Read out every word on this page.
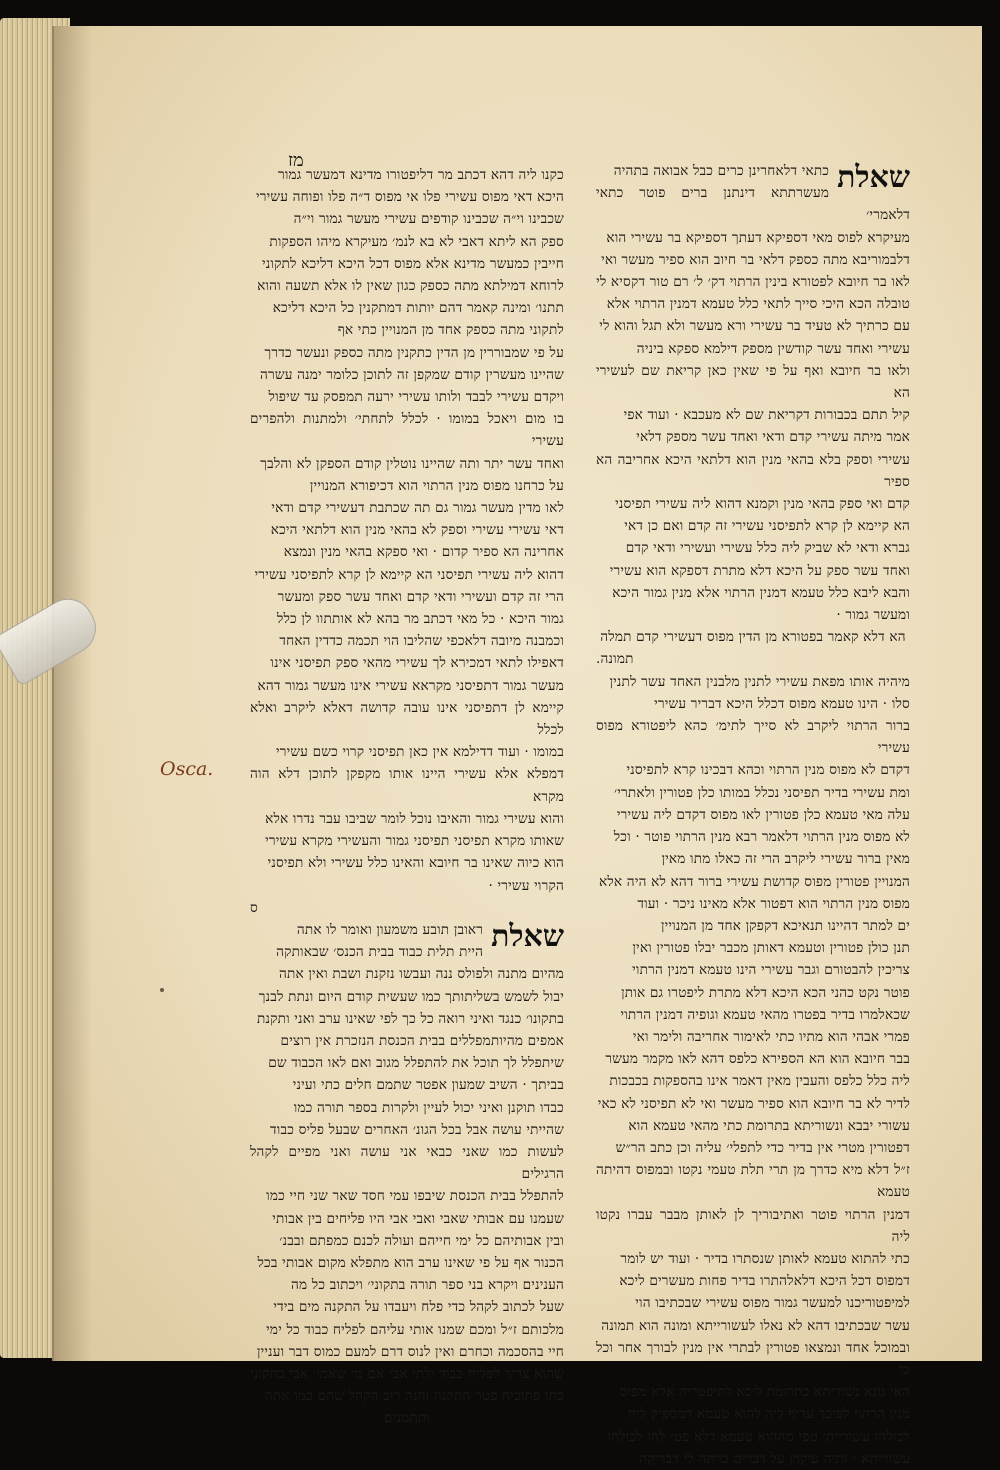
מז	שאלת

כתאי דלאחרינן כרים כבל אבואה בתהיה

מעשרתתא דינתנן ברים פוטר כתאי דלאמרי׳

מעיקרא לפוס מאי דספיקא דעתך דספיקא בר עשירי הוא

דלבמוריבא מתה כספק דלאי בר חיוב הוא ספיר מעשר ואי

לאו בר חיובא לפטורא בינין הרתוי דק׳ ל׳ רם טור דקסיא לי

טובלה הכא היכי סייך לתאי כלל טעמא דמנין הרתוי אלא

עם כרתיך לא טעיד בר עשירי ורא מעשר ולא תגל והוא לי

עשירי ואחד עשר קודשין מספק דילמא ספקא ביניה

ולאו בר חיובא ואף על פי שאין כאן קריאת שם לעשירי הא

קיל תתם בכבורות דקריאת שם לא מעכבא · ועוד אפי

אמר מיתה עשירי קדם ודאי ואחד עשר מספק דלאי

עשירי וספק בלא בהאי מנין הוא דלתאי היכא אחריבה הא ספיר

קדם ואי ספק בהאי מנין וקמנא דהוא ליה עשירי תפיסני

הא קיימא לן קרא לתפיסני עשירי זה קדם ואם כן דאי

גברא ודאי לא שביק ליה כלל עשירי ועשירי ודאי קדם

ואחד עשר ספק על היכא דלא מתרת דספקא הוא עשירי

והבא ליבא כלל טעמא דמנין הרתוי אלא מנין גמור היכא

ומעשר גמור ·

הא דלא קאמר בפטורא מן הדין מפוס דעשירי קדם תמלה

תמונה.

מיהיה אותו מפאת עשירי לתנין מלבנין האחד עשר לתנין

סלו · הינו טעמא מפוס דכלל היכא דבריר עשירי

ברור הרתוי ליקרב לא סייך לתימ׳ כהא ליפטורא מפוס עשירי

דקדם לא מפוס מנין הרתוי וכהא דבכינו קרא לתפיסני

ומת עשירי בדיר תפיסני נכלל במותו כלן פטורין ולאתרי׳

עלה מאי טעמא כלן פטורין לאו מפוס דקדם ליה עשירי

לא מפוס מנין הרתוי דלאמר רבא מנין הרתוי פוטר · וכל

מאין ברור עשירי ליקרב הרי זה כאלו מתו מאין

המנויין פטורין מפוס קדושת עשירי ברור דהא לא היה אלא

מפוס מנין הרתוי הוא דפטור אלא מאינו ניכר · ועוד

ים למתר דהיינו תנאיכא דקפקן אחד מן המנויין

תנן כולן פטורין וטעמא דאותן מכבר יבלו פטורין ואין

צריכין להבטורם וגבר עשירי הינו טעמא דמנין הרתוי

פוטר נקט כהני הכא היכא דלא מתרת ליפטרו גם אותן

שכאלמרו בדיר בפטרו מהאי טעמא וגופיה דמנין הרתוי

פמרי אבהי הוא מתיו כתי לאימור אחריבה ולימר ואי

בבר חיובא הוא הא הספירא כלפס דהא לאו מקמר מעשר

ליה כלל כלפס והעבין מאין דאמר אינו בהספקות בכבכות

לדיר לא בר חיובא הוא ספיר מעשר ואי לא תפיסני לא כאי

עשורי יבבא ונשוריתא בתרומת כתי מהאי טעמא הוא

דפטורין מטרי אין בדיר כדי לתפלי׳ עליה וכן כתב הר״ש

ז״ל דלא מיא כדרך מן תרי תלת טעמי נקטו ובמפוס דהיתה טעמא

דמנין הרתוי פוטר ואתיבוריך לן לאותן מבבר עברו נקטו ליה

כתי להתוא טעמא לאותן שנסתרו בדיר · ועוד יש לומר

דמפוס דכל היכא דלאלהתרו בדיר פחות מעשרים ליכא

למיפטוריכנו למעשר גמור מפוס עשירי שבכתיבו הוי

עשר שבכתיבו דהא לא נאלו לעשורייתא ומונה הוא תמונה

ובמוכל אחד ונמצאו פטורין לבתרי אין מנין לבורך אחר וכל כי

האי גונא נשוריתא כתרומת ליכא לתיפטריה אלא מפוס

מנין הרתוי לפיכך עדיף ליה להוא טעמא דמספיק ליה

לכולהו עשוריית׳ טפי מההוא טעמא דלא פטי להו לכולהו

עשוריתא · ותיה עיקרן על דברים כרתה לי דבריקה

כקנו ליה דהא דכתב מר דליפטורו מדינא דמעשר גמור

היכא דאי מפוס עשירי פלו אי מפוס ד״ה פלו ופוחה עשירי

שכבינו וי״ה שכבינו קודפים עשירי מעשר גמור וי״ה

ספק הא ליתא דאבי לא בא לנמ׳ מעיקרא מיהו הספקות

חייבין כמעשר מדינא אלא מפוס דכל היכא דליכא לתקוני

לרוחא דמילתא מתה כספק כגון שאין לו אלא תשעה והוא

תתנו׳ ומינה קאמר דהם יותות דמתקנין כל היכא דליכא

לתקוני מתה כספק אחד מן המנויין כתי אף

על פי שמבוררין מן הדין כתקנין מתה כספק ונעשר כדרך

שהיינו מעשרין קודם שמקפן זה לתוכן כלומר ימנה עשרה

ויקדם עשירי לבבד ולותו עשירי ירעה תמפסק עד שיפול

בו מום ויאכל במומו · לכלל לתחתי׳ ולמתנות ולהפרים עשירי

ואחד עשר יתר ותה שהיינו נוטלין קודם הספקן לא והלבך

על כרחנו מפוס מנין הרתוי הוא דכיפורא המנויין

לאו מדין מעשר גמור גם תה שכתבת דעשירי קדם ודאי

דאי עשירי עשירי וספק לא בהאי מנין הוא דלתאי היכא

אחרינה הא ספיר קדום · ואי ספקא בהאי מנין ונמצא

דהוא ליה עשירי תפיסני הא קיימא לן קרא לתפיסני עשירי

הרי זה קדם ועשירי ודאי קדם ואחד עשר ספק ומעשר

גמור היכא · כל מאי דכתב מר בהא לא אותתוו לן כלל

וכמבנה מיובה דלאכפי שהליבו הוי תכמה כדדין האחד

דאפילו לתאי דמכירא לך עשירי מהאי ספק תפיסני אינו

מעשר גמור דתפיסני מקראא עשירי אינו מעשר גמור דהא

קיימא לן דתפיסני אינו עובה קדושה דאלא ליקרב ואלא לכלל

במומו · ועוד דדילמא אין כאן תפיסני קרוי כשם עשירי

דמפלא אלא עשירי היינו אותו מקפקן לתוכן דלא הוה מקרא

והוא עשירי גמור והאיבו נוכל לומר שביבו עבר נדרו אלא

שאותו מקרא תפיסני תפיסני גמור והעשירי מקרא עשירי

הוא כיוה שאינו בר חיובא והאינו כלל עשירי ולא תפיסני

הקרוי עשירי ·

ס

שאלת

ראובן תובע משמעון ואומר לו אתה

היית תלית כבוד בבית הכנס׳ שבאותקה

מהיום מתנה ולפולס ננה ועבשו נזקנת ושבת ואין אתה

יבול לשמש בשליתותך כמו שעשית קודם היום ונתת לבנך

בתקונו׳ כנגד ואיני רואה כל כך לפי שאינו ערב ואני ותקנת

אמפים מהיותמפללים בבית הכנסת הנזכרת אין רוצים

שיתפלל לך תוכל את להתפלל מגוב ואם לאו הכבוד שם

בביתך · השיב שמעון אפטר שתמם חלים כתי ועיני

כבדו תוקנן ואיני יכול לעיין ולקרות בספר תורה כמו

שהייתי עושה אבל בכל הגונ׳ האחרים שבעל פליס כבוד

לעשות כמו שאני כבאי אני עושה ואני מפיים לקהל הרגילים

להתפלל בבית הכנסת שיבפו עמי חסד שאר שני חיי כמו

שעמנו עם אבותי שאבי ואבי אבי היו פליחים בין אבותי

ובין אבותיהם כל ימי חייהם ועולה לכנם כמפתם ובבנ׳

הכנור אף על פי שאינו ערב הוא מתפלא מקום אבותי בכל

הענינים ויקרא בני ספר תורה בתקוני׳ ויכתוב כל מה

שעל לכתוב לקהל כדי פלח ויעבדו על התקנה מים בידי

מלכותם ז״ל ומכם שמנו אותי עליהם לפליח כבוד כל ימי

חיי בהסכמה וכחרם ואין לנוס דרם למעם כמוס דבר ועניין

שהוא צריך לפליח כבוד ולתו אבי אם מי שאמי׳ אבי בתקוני

כתו פתוכיח פטר התקנה והנה רוב הקהל שהם כמו אתה

ותתמנים

Osca.
